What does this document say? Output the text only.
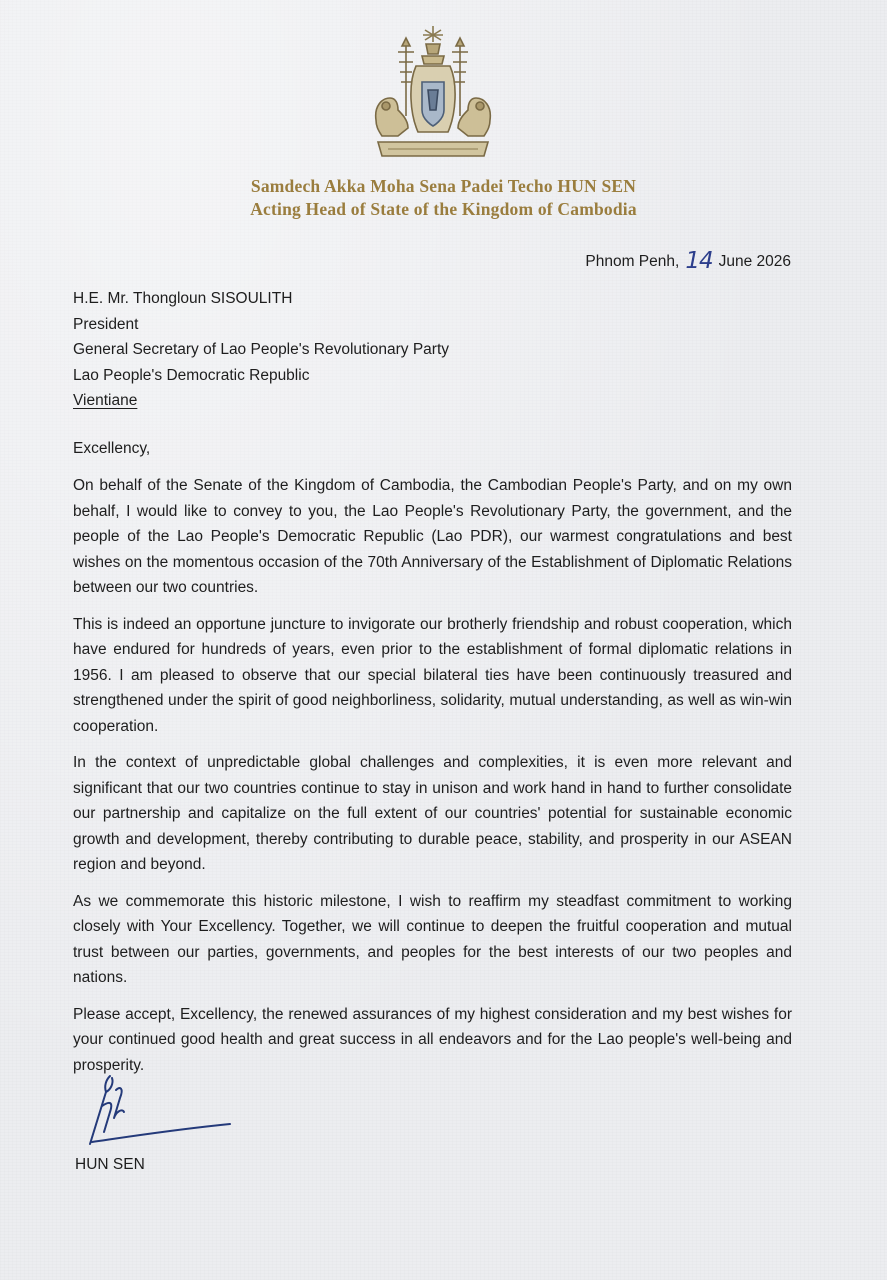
Samdech Akka Moha Sena Padei Techo HUN SEN
Acting Head of State of the Kingdom of Cambodia
Phnom Penh, 14 June 2026
H.E. Mr. Thongloun SISOULITH
President
General Secretary of Lao People's Revolutionary Party
Lao People's Democratic Republic
Vientiane
Excellency,

On behalf of the Senate of the Kingdom of Cambodia, the Cambodian People's Party, and on my own behalf, I would like to convey to you, the Lao People's Revolutionary Party, the government, and the people of the Lao People's Democratic Republic (Lao PDR), our warmest congratulations and best wishes on the momentous occasion of the 70th Anniversary of the Establishment of Diplomatic Relations between our two countries.

This is indeed an opportune juncture to invigorate our brotherly friendship and robust cooperation, which have endured for hundreds of years, even prior to the establishment of formal diplomatic relations in 1956. I am pleased to observe that our special bilateral ties have been continuously treasured and strengthened under the spirit of good neighborliness, solidarity, mutual understanding, as well as win-win cooperation.

In the context of unpredictable global challenges and complexities, it is even more relevant and significant that our two countries continue to stay in unison and work hand in hand to further consolidate our partnership and capitalize on the full extent of our countries' potential for sustainable economic growth and development, thereby contributing to durable peace, stability, and prosperity in our ASEAN region and beyond.

As we commemorate this historic milestone, I wish to reaffirm my steadfast commitment to working closely with Your Excellency. Together, we will continue to deepen the fruitful cooperation and mutual trust between our parties, governments, and peoples for the best interests of our two peoples and nations.

Please accept, Excellency, the renewed assurances of my highest consideration and my best wishes for your continued good health and great success in all endeavors and for the Lao people's well-being and prosperity.

HUN SEN
